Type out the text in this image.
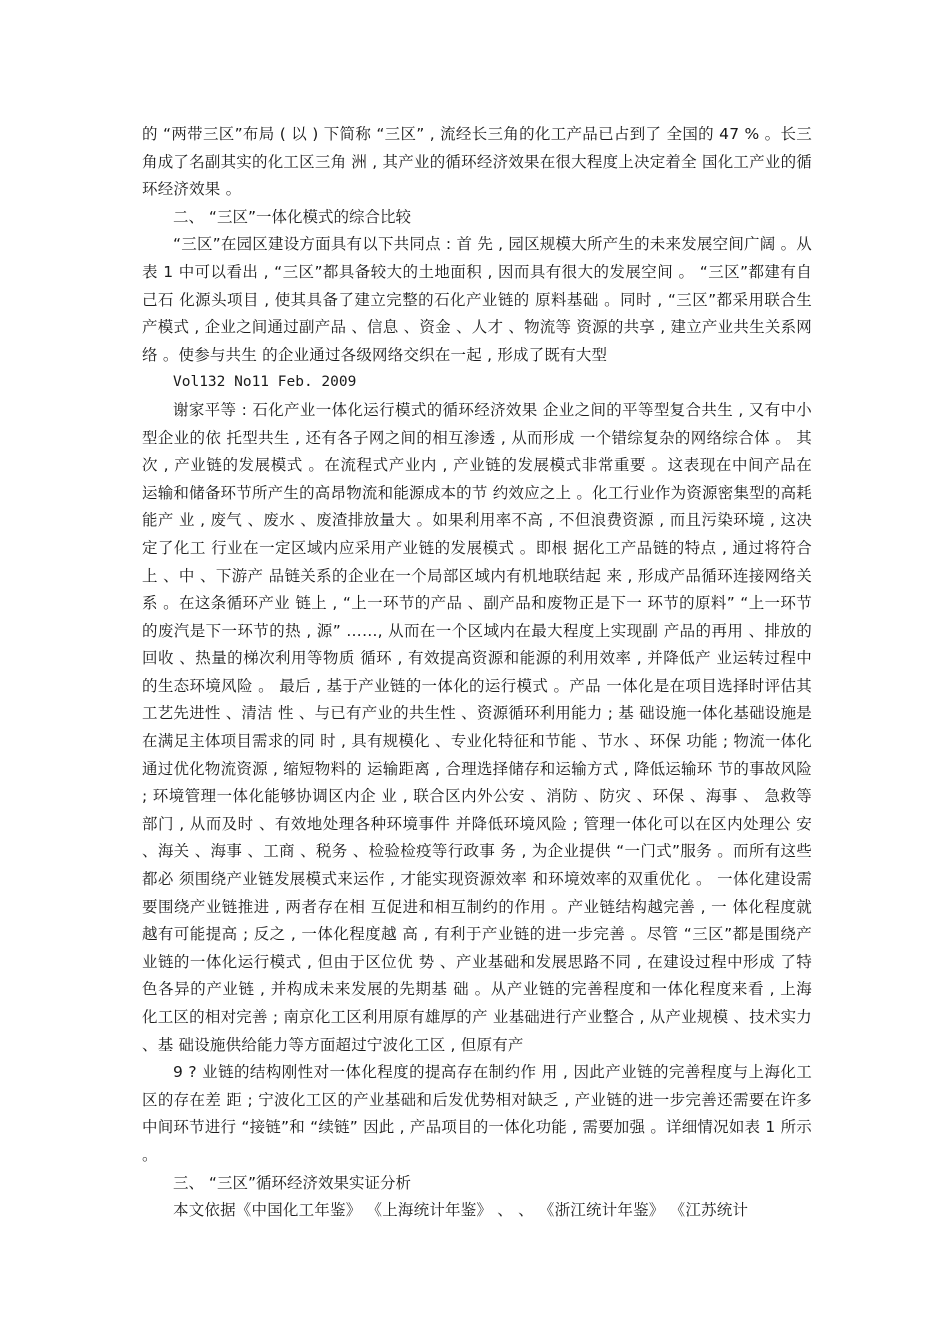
的 “两带三区”布局 ( 以 ) 下简称 “三区” , 流经长三角的化工产品已占到了 全国的 47 % 。长三角成了名副其实的化工区三角 洲 , 其产业的循环经济效果在很大程度上决定着全 国化工产业的循环经济效果 。

二、 “三区”一体化模式的综合比较

“三区”在园区建设方面具有以下共同点 : 首 先 , 园区规模大所产生的未来发展空间广阔 。从表 1 中可以看出 , “三区”都具备较大的土地面积 , 因而具有很大的发展空间 。 “三区”都建有自己石 化源头项目 , 使其具备了建立完整的石化产业链的 原料基础 。同时 , “三区”都采用联合生产模式 , 企业之间通过副产品 、信息 、资金 、人才 、物流等 资源的共享 , 建立产业共生关系网络 。使参与共生 的企业通过各级网络交织在一起 , 形成了既有大型

Vol132 No11 Feb. 2009

谢家平等 : 石化产业一体化运行模式的循环经济效果 企业之间的平等型复合共生 , 又有中小型企业的依 托型共生 , 还有各子网之间的相互渗透 , 从而形成 一个错综复杂的网络综合体 。 其次 , 产业链的发展模式 。在流程式产业内 , 产业链的发展模式非常重要 。这表现在中间产品在 运输和储备环节所产生的高昂物流和能源成本的节 约效应之上 。化工行业作为资源密集型的高耗能产 业 , 废气 、废水 、废渣排放量大 。如果利用率不高 , 不但浪费资源 , 而且污染环境 , 这决定了化工 行业在一定区域内应采用产业链的发展模式 。即根 据化工产品链的特点 , 通过将符合上 、中 、下游产 品链关系的企业在一个局部区域内有机地联结起 来 , 形成产品循环连接网络关系 。在这条循环产业 链上 , “上一环节的产品 、副产品和废物正是下一 环节的原料” “上一环节的废汽是下一环节的热 , 源” ……, 从而在一个区域内在最大程度上实现副 产品的再用 、排放的回收 、热量的梯次利用等物质 循环 , 有效提高资源和能源的利用效率 , 并降低产 业运转过程中的生态环境风险 。 最后 , 基于产业链的一体化的运行模式 。产品 一体化是在项目选择时评估其工艺先进性 、清洁 性 、与已有产业的共生性 、资源循环利用能力 ; 基 础设施一体化基础设施是在满足主体项目需求的同 时 , 具有规模化 、专业化特征和节能 、节水 、环保 功能 ; 物流一体化通过优化物流资源 , 缩短物料的 运输距离 , 合理选择储存和运输方式 , 降低运输环 节的事故风险 ; 环境管理一体化能够协调区内企 业 , 联合区内外公安 、消防 、防灾 、环保 、海事 、 急救等部门 , 从而及时 、有效地处理各种环境事件 并降低环境风险 ; 管理一体化可以在区内处理公 安 、海关 、海事 、工商 、税务 、检验检疫等行政事 务 , 为企业提供 “一门式”服务 。而所有这些都必 须围绕产业链发展模式来运作 , 才能实现资源效率 和环境效率的双重优化 。 一体化建设需要围绕产业链推进 , 两者存在相 互促进和相互制约的作用 。产业链结构越完善 , 一 体化程度就越有可能提高 ; 反之 , 一体化程度越 高 , 有利于产业链的进一步完善 。尽管 “三区”都是围绕产业链的一体化运行模式 , 但由于区位优 势 、产业基础和发展思路不同 , 在建设过程中形成 了特色各异的产业链 , 并构成未来发展的先期基 础 。从产业链的完善程度和一体化程度来看 , 上海 化工区的相对完善 ; 南京化工区利用原有雄厚的产 业基础进行产业整合 , 从产业规模 、技术实力 、基 础设施供给能力等方面超过宁波化工区 , 但原有产

9 ? 业链的结构刚性对一体化程度的提高存在制约作 用 , 因此产业链的完善程度与上海化工区的存在差 距 ; 宁波化工区的产业基础和后发优势相对缺乏 , 产业链的进一步完善还需要在许多中间环节进行 “接链”和 “续链” 因此 , 产品项目的一体化功能 , 需要加强 。详细情况如表 1 所示 。

三、 “三区”循环经济效果实证分析

本文依据《中国化工年鉴》 《上海统计年鉴》 、 、 《浙江统计年鉴》 《江苏统计
